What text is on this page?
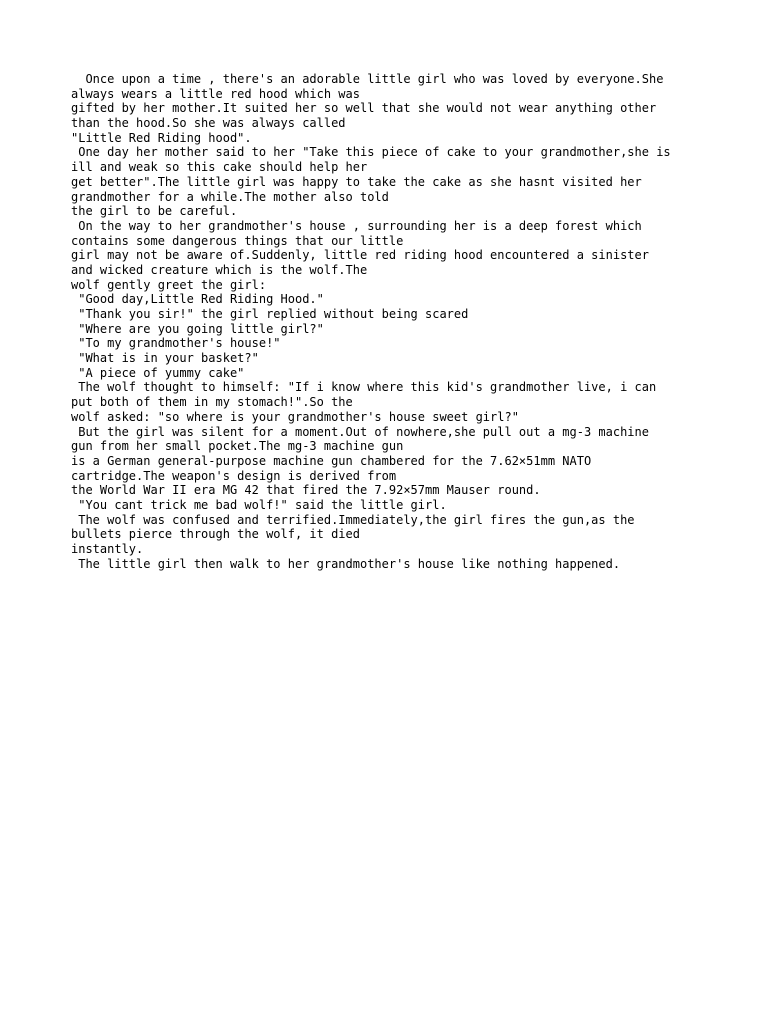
Once upon a time , there's an adorable little girl who was loved by everyone.She
always wears a little red hood which was
gifted by her mother.It suited her so well that she would not wear anything other
than the hood.So she was always called
"Little Red Riding hood".
One day her mother said to her "Take this piece of cake to your grandmother,she is
ill and weak so this cake should help her
get better".The little girl was happy to take the cake as she hasnt visited her
grandmother for a while.The mother also told
the girl to be careful.
On the way to her grandmother's house , surrounding her is a deep forest which
contains some dangerous things that our little
girl may not be aware of.Suddenly, little red riding hood encountered a sinister
and wicked creature which is the wolf.The
wolf gently greet the girl:
"Good day,Little Red Riding Hood."
"Thank you sir!" the girl replied without being scared
"Where are you going little girl?"
"To my grandmother's house!"
"What is in your basket?"
"A piece of yummy cake"
The wolf thought to himself: "If i know where this kid's grandmother live, i can
put both of them in my stomach!".So the
wolf asked: "so where is your grandmother's house sweet girl?"
But the girl was silent for a moment.Out of nowhere,she pull out a mg-3 machine
gun from her small pocket.The mg-3 machine gun
is a German general-purpose machine gun chambered for the 7.62×51mm NATO
cartridge.The weapon's design is derived from
the World War II era MG 42 that fired the 7.92×57mm Mauser round.
"You cant trick me bad wolf!" said the little girl.
The wolf was confused and terrified.Immediately,the girl fires the gun,as the
bullets pierce through the wolf, it died
instantly.
The little girl then walk to her grandmother's house like nothing happened.
